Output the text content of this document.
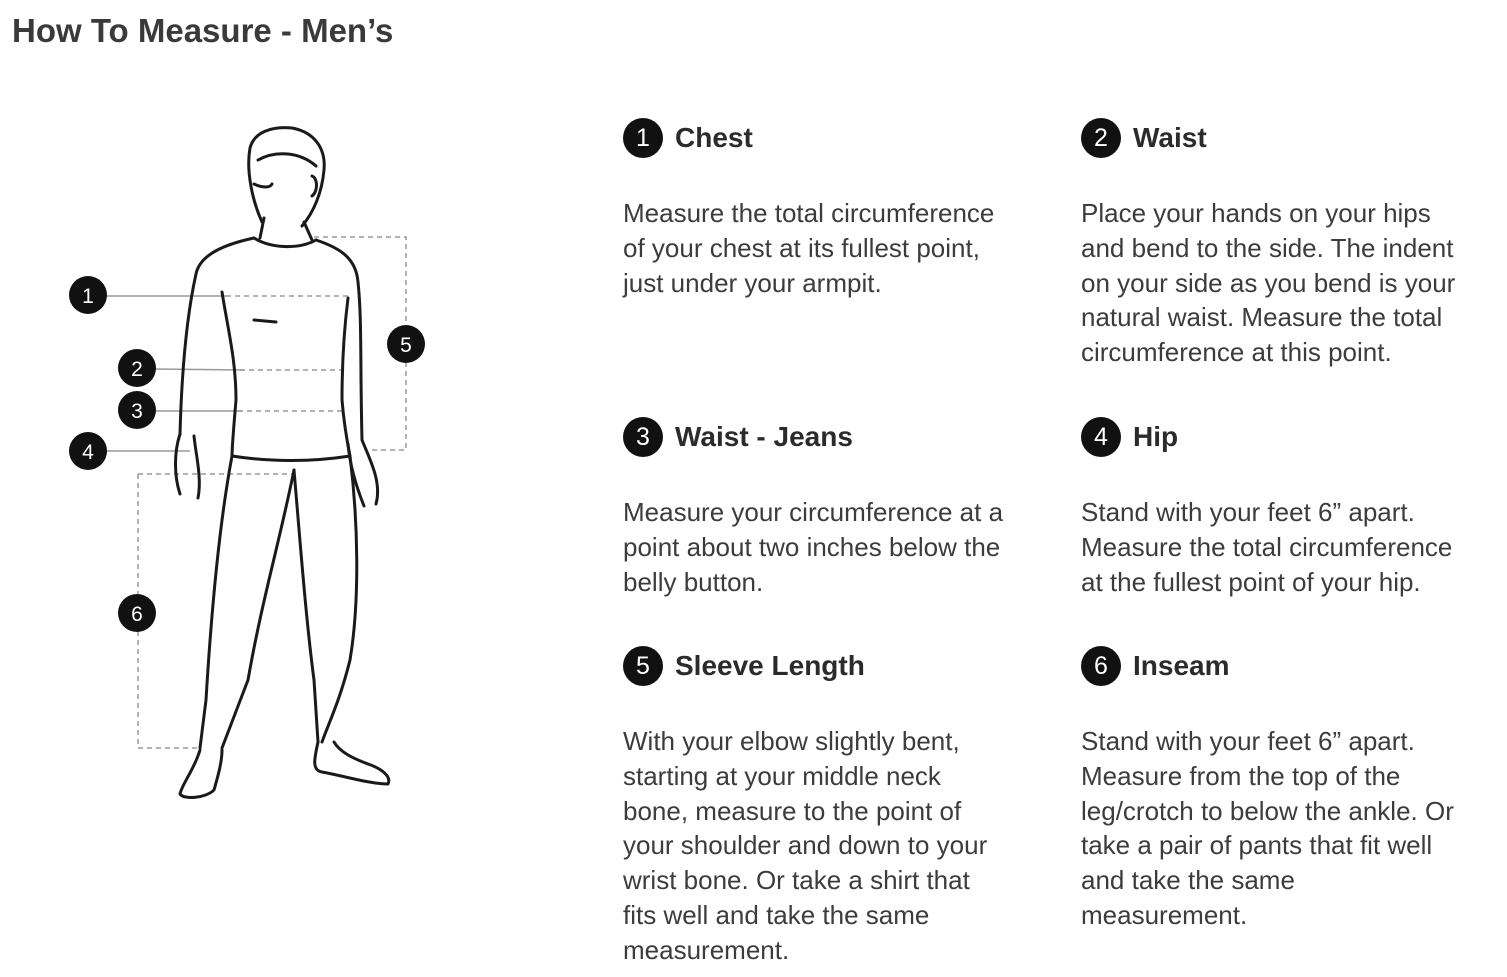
How To Measure - Men’s
1
2
3
4
5
6
1 Chest

Measure the total circumference
of your chest at its fullest point,
just under your armpit.

2 Waist

Place your hands on your hips
and bend to the side. The indent
on your side as you bend is your
natural waist. Measure the total
circumference at this point.

3 Waist - Jeans

Measure your circumference at a
point about two inches below the
belly button.

4 Hip

Stand with your feet 6” apart.
Measure the total circumference
at the fullest point of your hip.

5 Sleeve Length

With your elbow slightly bent,
starting at your middle neck
bone, measure to the point of
your shoulder and down to your
wrist bone. Or take a shirt that
fits well and take the same
measurement.

6 Inseam

Stand with your feet 6” apart.
Measure from the top of the
leg/crotch to below the ankle. Or
take a pair of pants that fit well
and take the same
measurement.
